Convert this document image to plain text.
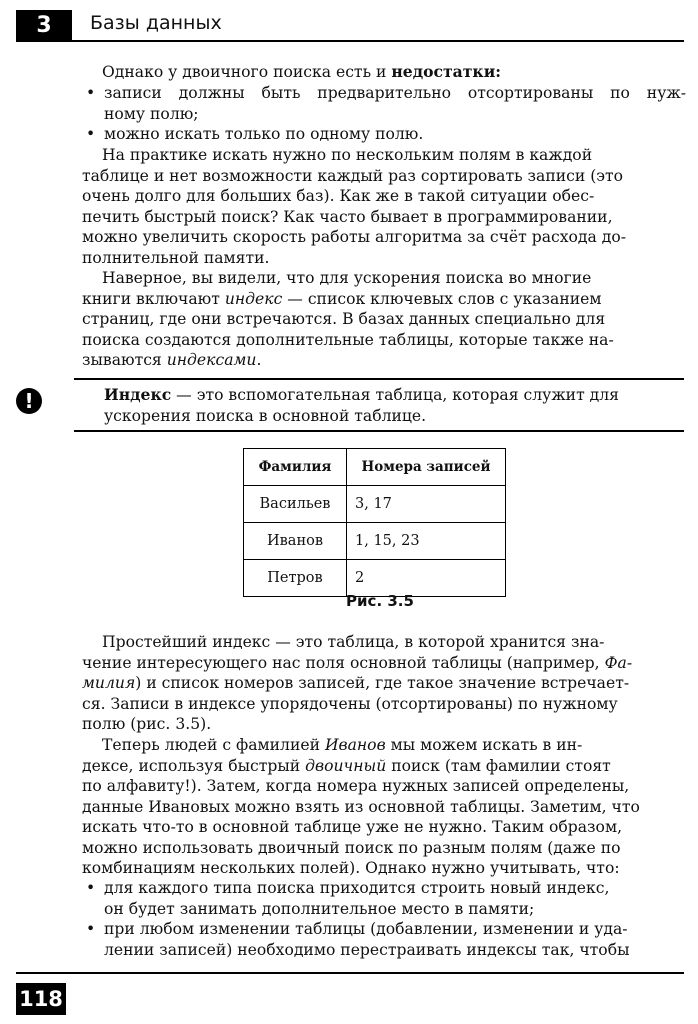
3	Базы данных
Однако у двоичного поиска есть и недостатки:
• записи должны быть предварительно отсортированы по нуж-
ному полю;
• можно искать только по одному полю.
На практике искать нужно по нескольким полям в каждой
таблице и нет возможности каждый раз сортировать записи (это
очень долго для больших баз). Как же в такой ситуации обес-
печить быстрый поиск? Как часто бывает в программировании,
можно увеличить скорость работы алгоритма за счёт расхода до-
полнительной памяти.
Наверное, вы видели, что для ускорения поиска во многие
книги включают индекс — список ключевых слов с указанием
страниц, где они встречаются. В базах данных специально для
поиска создаются дополнительные таблицы, которые также на-
зываются индексами.
!	Индекс — это вспомогательная таблица, которая служит для
ускорения поиска в основной таблице.
Фамилия	Номера записей
Васильев	3, 17
Иванов	1, 15, 23
Петров	2
Рис. 3.5
Простейший индекс — это таблица, в которой хранится зна-
чение интересующего нас поля основной таблицы (например, Фа-
милия) и список номеров записей, где такое значение встречает-
ся. Записи в индексе упорядочены (отсортированы) по нужному
полю (рис. 3.5).
Теперь людей с фамилией Иванов мы можем искать в ин-
дексе, используя быстрый двоичный поиск (там фамилии стоят
по алфавиту!). Затем, когда номера нужных записей определены,
данные Ивановых можно взять из основной таблицы. Заметим, что
искать что-то в основной таблице уже не нужно. Таким образом,
можно использовать двоичный поиск по разным полям (даже по
комбинациям нескольких полей). Однако нужно учитывать, что:
• для каждого типа поиска приходится строить новый индекс,
он будет занимать дополнительное место в памяти;
• при любом изменении таблицы (добавлении, изменении и уда-
лении записей) необходимо перестраивать индексы так, чтобы
118
